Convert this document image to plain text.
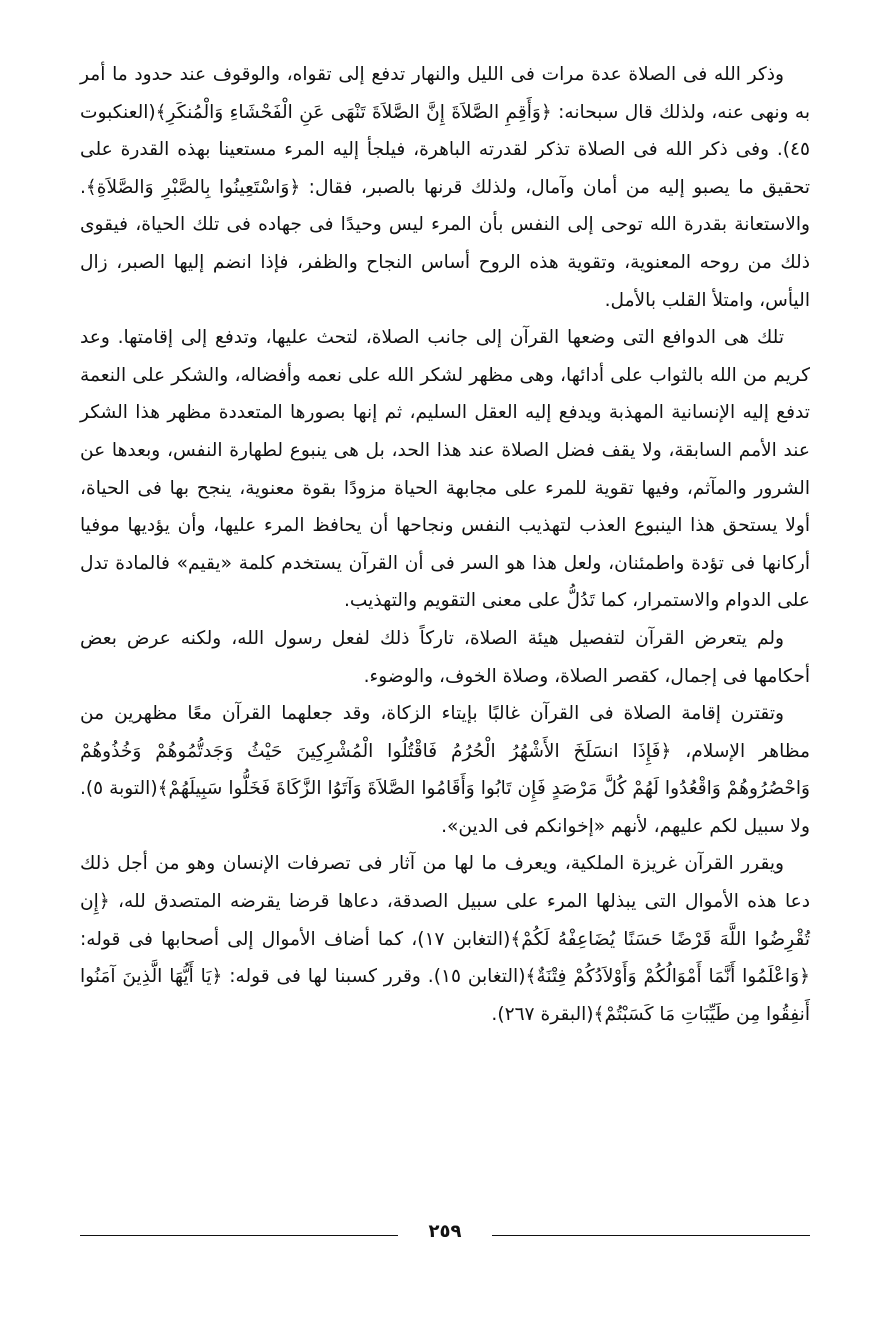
وذكر الله فى الصلاة عدة مرات فى الليل والنهار تدفع إلى تقواه، والوقوف عند حدود ما أمر به ونهى عنه، ولذلك قال سبحانه: ﴿وَأَقِمِ الصَّلاَةَ إِنَّ الصَّلاَةَ تَنْهَى عَنِ الْفَحْشَاءِ وَالْمُنكَرِ﴾(العنكبوت ٤٥). وفى ذكر الله فى الصلاة تذكر لقدرته الباهرة، فيلجأ إليه المرء مستعينا بهذه القدرة على تحقيق ما يصبو إليه من أمان وآمال، ولذلك قرنها بالصبر، فقال: ﴿وَاسْتَعِينُوا بِالصَّبْرِ وَالصَّلاَةِ﴾. والاستعانة بقدرة الله توحى إلى النفس بأن المرء ليس وحيدًا فى جهاده فى تلك الحياة، فيقوى ذلك من روحه المعنوية، وتقوية هذه الروح أساس النجاح والظفر، فإذا انضم إليها الصبر، زال اليأس، وامتلأ القلب بالأمل.

تلك هى الدوافع التى وضعها القرآن إلى جانب الصلاة، لتحث عليها، وتدفع إلى إقامتها. وعد كريم من الله بالثواب على أدائها، وهى مظهر لشكر الله على نعمه وأفضاله، والشكر على النعمة تدفع إليه الإنسانية المهذبة ويدفع إليه العقل السليم، ثم إنها بصورها المتعددة مظهر هذا الشكر عند الأمم السابقة، ولا يقف فضل الصلاة عند هذا الحد، بل هى ينبوع لطهارة النفس، وبعدها عن الشرور والمآثم، وفيها تقوية للمرء على مجابهة الحياة مزودًا بقوة معنوية، ينجح بها فى الحياة، أولا يستحق هذا الينبوع العذب لتهذيب النفس ونجاحها أن يحافظ المرء عليها، وأن يؤديها موفيا أركانها فى تؤدة واطمئنان، ولعل هذا هو السر فى أن القرآن يستخدم كلمة «يقيم» فالمادة تدل على الدوام والاستمرار، كما تَدُلُّ على معنى التقويم والتهذيب.

ولم يتعرض القرآن لتفصيل هيئة الصلاة، تاركاً ذلك لفعل رسول الله، ولكنه عرض بعض أحكامها فى إجمال، كقصر الصلاة، وصلاة الخوف، والوضوء.

وتقترن إقامة الصلاة فى القرآن غالبًا بإيتاء الزكاة، وقد جعلهما القرآن معًا مظهرين من مظاهر الإسلام، ﴿فَإِذَا انسَلَخَ الأَشْهُرُ الْحُرُمُ فَاقْتُلُوا الْمُشْرِكِينَ حَيْثُ وَجَدتُّمُوهُمْ وَخُذُوهُمْ وَاحْصُرُوهُمْ وَاقْعُدُوا لَهُمْ كُلَّ مَرْصَدٍ فَإِن تَابُوا وَأَقَامُوا الصَّلاَةَ وَآتَوُا الزَّكَاةَ فَخَلُّوا سَبِيلَهُمْ﴾(التوبة ٥). ولا سبيل لكم عليهم، لأنهم «إخوانكم فى الدين».

ويقرر القرآن غريزة الملكية، ويعرف ما لها من آثار فى تصرفات الإنسان وهو من أجل ذلك دعا هذه الأموال التى يبذلها المرء على سبيل الصدقة، دعاها قرضا يقرضه المتصدق لله، ﴿إِن تُقْرِضُوا اللَّهَ قَرْضًا حَسَنًا يُضَاعِفْهُ لَكُمْ﴾(التغابن ١٧)، كما أضاف الأموال إلى أصحابها فى قوله: ﴿وَاعْلَمُوا أَنَّمَا أَمْوَالُكُمْ وَأَوْلاَدُكُمْ فِتْنَةٌ﴾(التغابن ١٥). وقرر كسبنا لها فى قوله: ﴿يَا أَيُّهَا الَّذِينَ آمَنُوا أَنفِقُوا مِن طَيِّبَاتِ مَا كَسَبْتُمْ﴾(البقرة ٢٦٧).

٢٥٩
